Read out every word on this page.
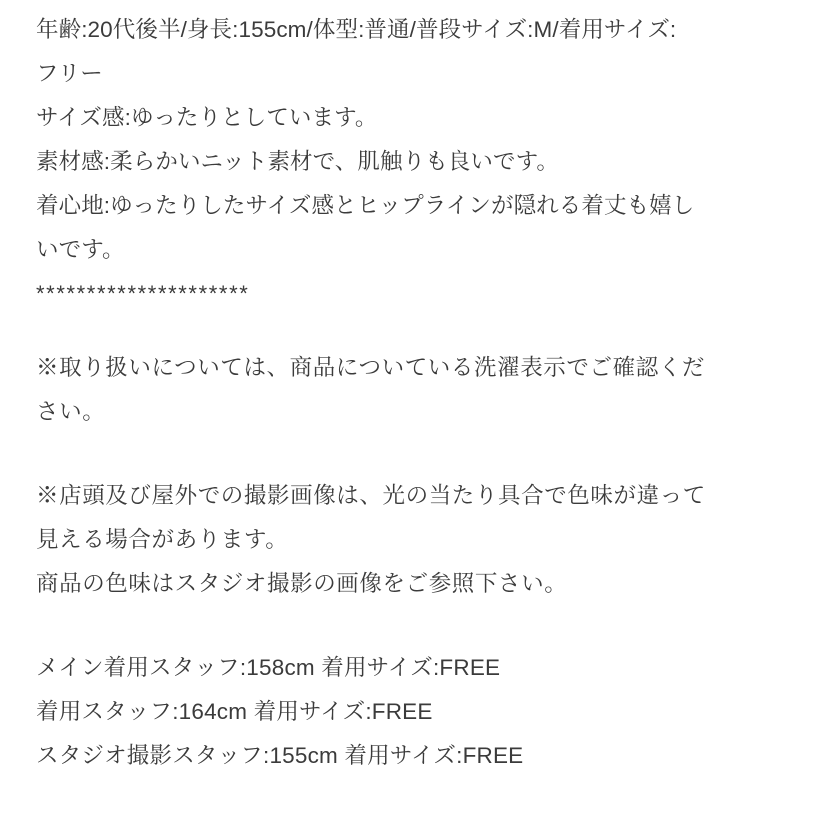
年齢:20代後半/身長:155cm/体型:普通/普段サイズ:M/着用サイズ:
フリー
サイズ感:ゆったりとしています。
素材感:柔らかいニット素材で、肌触りも良いです。
着心地:ゆったりしたサイズ感とヒップラインが隠れる着丈も嬉し
いです。
*********************
※取り扱いについては、商品についている洗濯表示でご確認くだ
さい。
※店頭及び屋外での撮影画像は、光の当たり具合で色味が違って
見える場合があります。
商品の色味はスタジオ撮影の画像をご参照下さい。
メイン着用スタッフ:158cm 着用サイズ:FREE
着用スタッフ:164cm 着用サイズ:FREE
スタジオ撮影スタッフ:155cm 着用サイズ:FREE
